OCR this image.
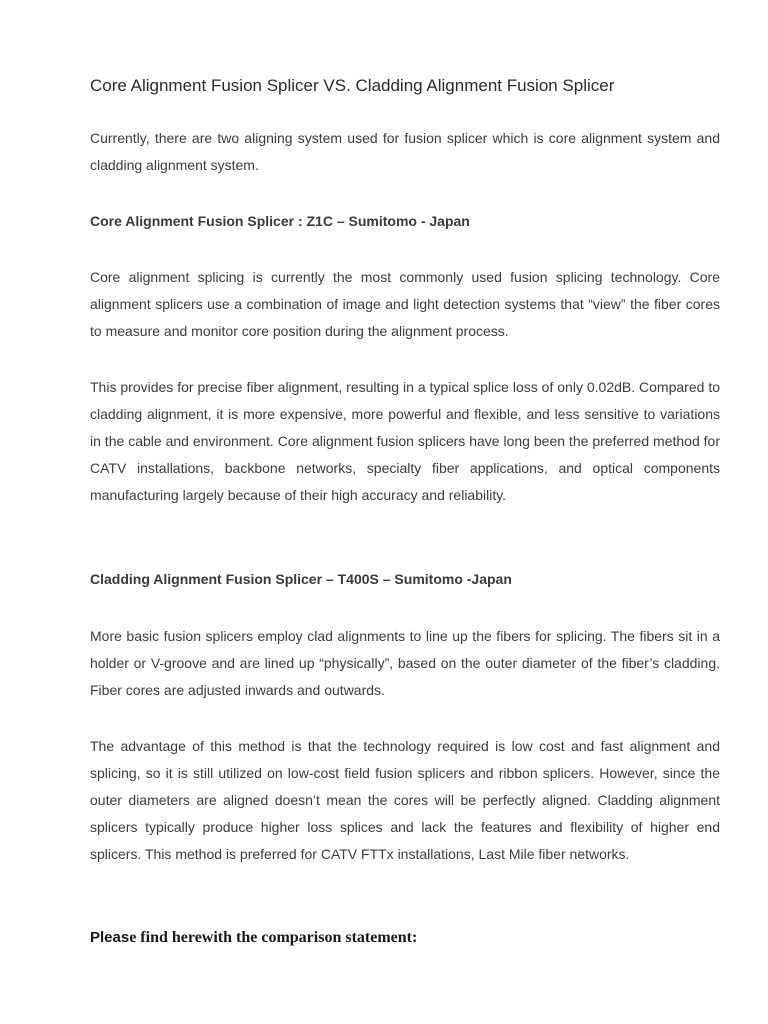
Core Alignment Fusion Splicer VS. Cladding Alignment Fusion Splicer
Currently, there are two aligning system used for fusion splicer which is core alignment system and cladding alignment system.
Core Alignment Fusion Splicer : Z1C – Sumitomo - Japan
Core alignment splicing is currently the most commonly used fusion splicing technology. Core alignment splicers use a combination of image and light detection systems that “view” the fiber cores to measure and monitor core position during the alignment process.
This provides for precise fiber alignment, resulting in a typical splice loss of only 0.02dB. Compared to cladding alignment, it is more expensive, more powerful and flexible, and less sensitive to variations in the cable and environment. Core alignment fusion splicers have long been the preferred method for CATV installations, backbone networks, specialty fiber applications, and optical components manufacturing largely because of their high accuracy and reliability.
Cladding Alignment Fusion Splicer – T400S – Sumitomo -Japan
More basic fusion splicers employ clad alignments to line up the fibers for splicing. The fibers sit in a holder or V-groove and are lined up “physically”, based on the outer diameter of the fiber’s cladding. Fiber cores are adjusted inwards and outwards.
The advantage of this method is that the technology required is low cost and fast alignment and splicing, so it is still utilized on low-cost field fusion splicers and ribbon splicers. However, since the outer diameters are aligned doesn’t mean the cores will be perfectly aligned. Cladding alignment splicers typically produce higher loss splices and lack the features and flexibility of higher end splicers. This method is preferred for CATV FTTx installations, Last Mile fiber networks.
Please find herewith the comparison statement:
